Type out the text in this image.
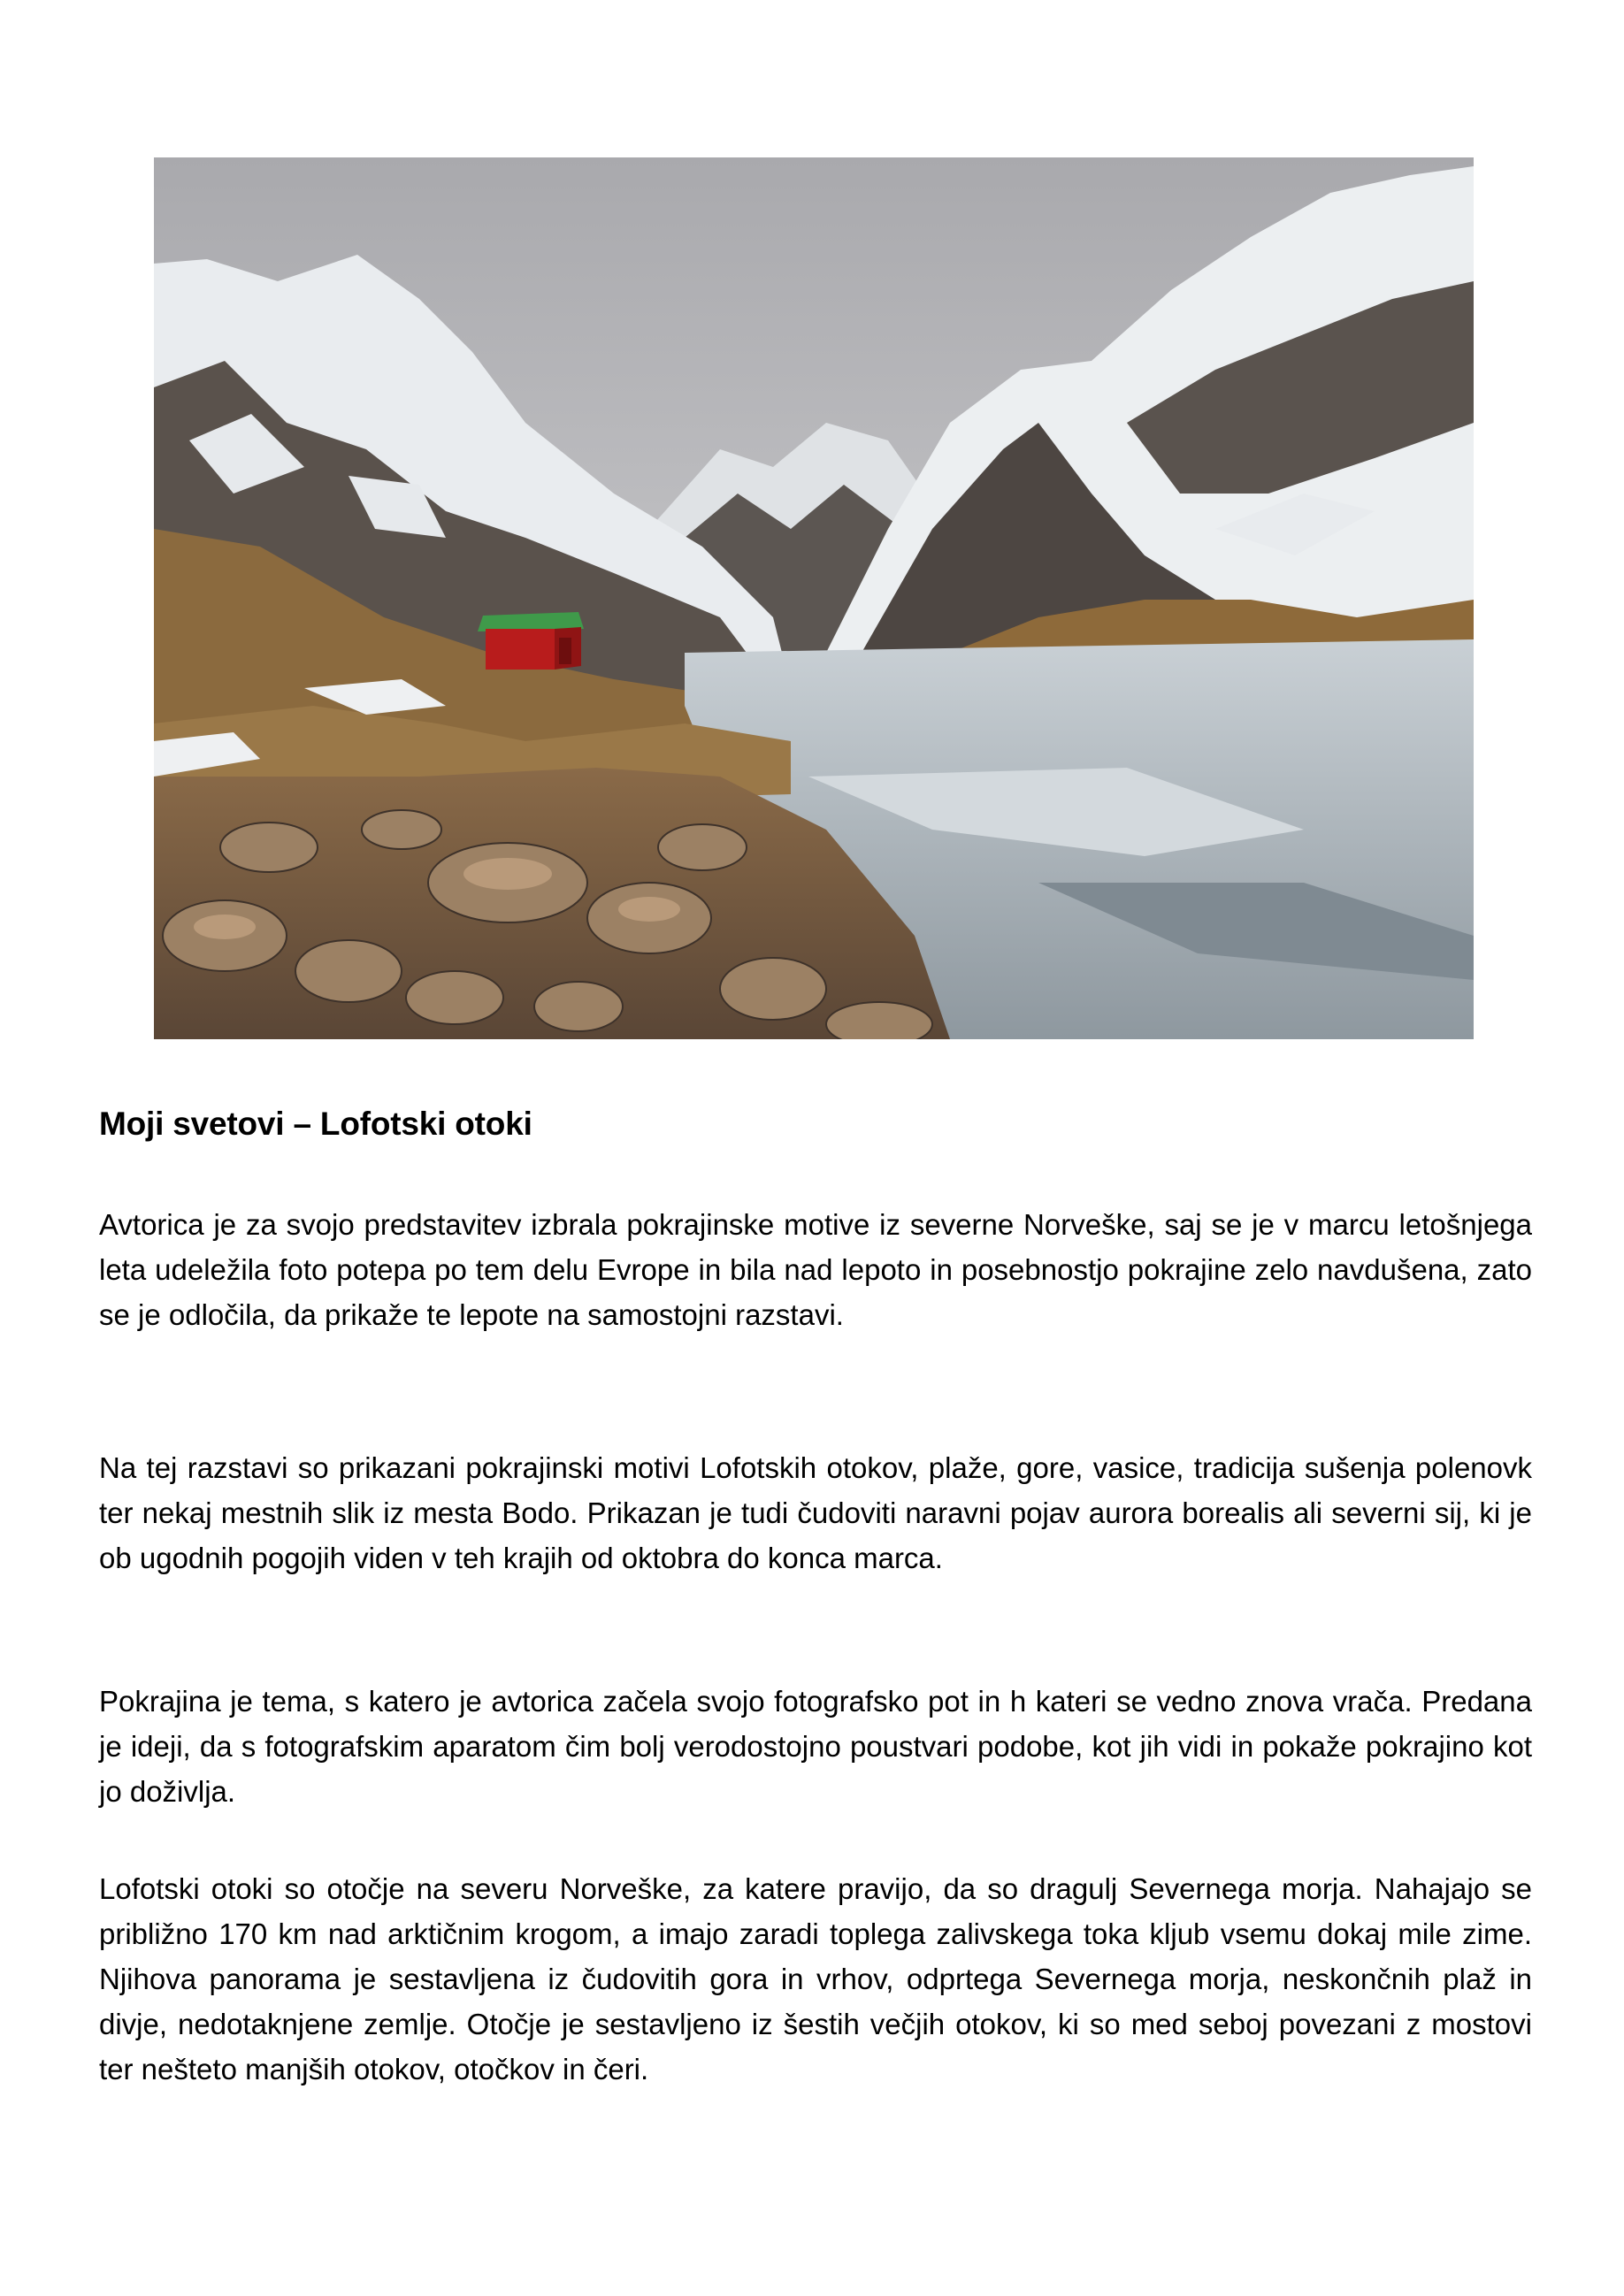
Moji svetovi – Lofotski otoki

Avtorica je za svojo predstavitev izbrala pokrajinske motive iz severne Norveške, saj se je v marcu letošnjega leta udeležila foto potepa po tem delu Evrope in bila nad lepoto in posebnostjo pokrajine zelo navdušena, zato se je odločila, da prikaže te lepote na samostojni razstavi.

Na tej razstavi so prikazani pokrajinski motivi Lofotskih otokov, plaže, gore, vasice, tradicija sušenja polenovk ter nekaj mestnih slik iz mesta Bodo. Prikazan je tudi čudoviti naravni pojav aurora borealis ali severni sij, ki je ob ugodnih pogojih viden v teh krajih od oktobra do konca marca.

Pokrajina je tema, s katero je avtorica začela svojo fotografsko pot in h kateri se vedno znova vrača. Predana je ideji, da s fotografskim aparatom čim bolj verodostojno poustvari podobe, kot jih vidi in pokaže pokrajino kot jo doživlja.

Lofotski otoki so otočje na severu Norveške, za katere pravijo, da so dragulj Severnega morja. Nahajajo se približno 170 km nad arktičnim krogom, a imajo zaradi toplega zalivskega toka kljub vsemu dokaj mile zime. Njihova panorama je sestavljena iz čudovitih gora in vrhov, odprtega Severnega morja, neskončnih plaž in divje, nedotaknjene zemlje. Otočje je sestavljeno iz šestih večjih otokov, ki so med seboj povezani z mostovi ter nešteto manjših otokov, otočkov in čeri.
